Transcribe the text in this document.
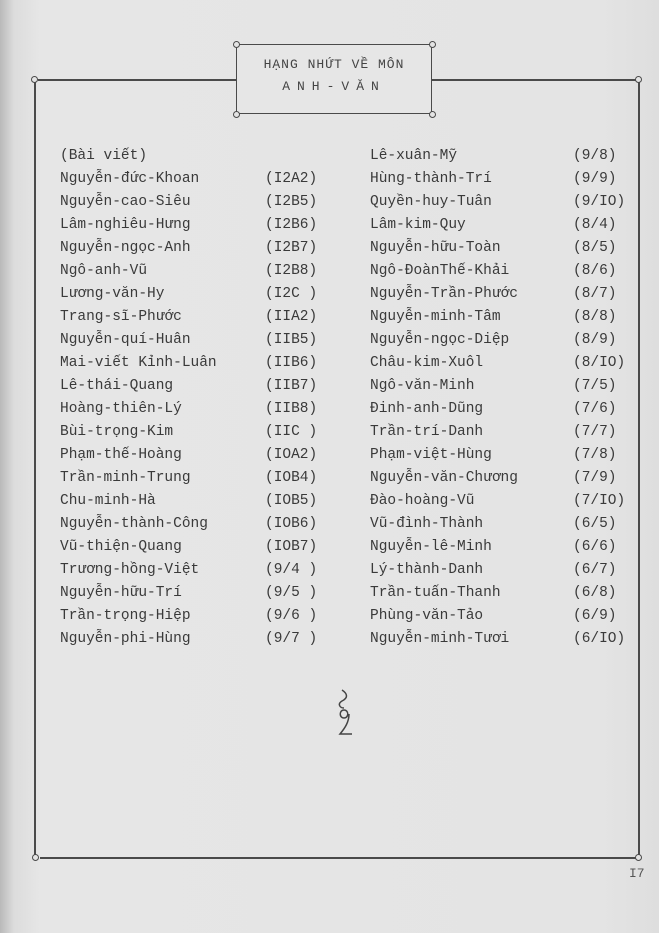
HẠNG NHỨT VỀ MÔN
ANH-VĂN
(Bài viết)
Nguyễn-đức-Khoan	(I2A2)
Nguyễn-cao-Siêu	(I2B5)
Lâm-nghiêu-Hưng	(I2B6)
Nguyễn-ngọc-Anh	(I2B7)
Ngô-anh-Vũ	(I2B8)
Lương-văn-Hy	(I2C )
Trang-sĩ-Phước	(IIA2)
Nguyễn-quí-Huân	(IIB5)
Mai-viết Kỉnh-Luân	(IIB6)
Lê-thái-Quang	(IIB7)
Hoàng-thiên-Lý	(IIB8)
Bùi-trọng-Kim	(IIC )
Phạm-thế-Hoàng	(IOA2)
Trần-minh-Trung	(IOB4)
Chu-minh-Hà	(IOB5)
Nguyễn-thành-Công	(IOB6)
Vũ-thiện-Quang	(IOB7)
Trương-hồng-Việt	(9/4 )
Nguyễn-hữu-Trí	(9/5 )
Trần-trọng-Hiệp	(9/6 )
Nguyễn-phi-Hùng	(9/7 )
Lê-xuân-Mỹ	(9/8)
Hùng-thành-Trí	(9/9)
Quyền-huy-Tuân	(9/IO)
Lâm-kim-Quy	(8/4)
Nguyễn-hữu-Toàn	(8/5)
Ngô-ĐoànThế-Khải	(8/6)
Nguyễn-Trần-Phước	(8/7)
Nguyễn-minh-Tâm	(8/8)
Nguyễn-ngọc-Diệp	(8/9)
Châu-kim-Xuôl	(8/IO)
Ngô-văn-Minh	(7/5)
Đinh-anh-Dũng	(7/6)
Trần-trí-Danh	(7/7)
Phạm-việt-Hùng	(7/8)
Nguyễn-văn-Chương	(7/9)
Đào-hoàng-Vũ	(7/IO)
Vũ-đình-Thành	(6/5)
Nguyễn-lê-Minh	(6/6)
Lý-thành-Danh	(6/7)
Trần-tuấn-Thanh	(6/8)
Phùng-văn-Tảo	(6/9)
Nguyễn-minh-Tươi	(6/IO)
I7
